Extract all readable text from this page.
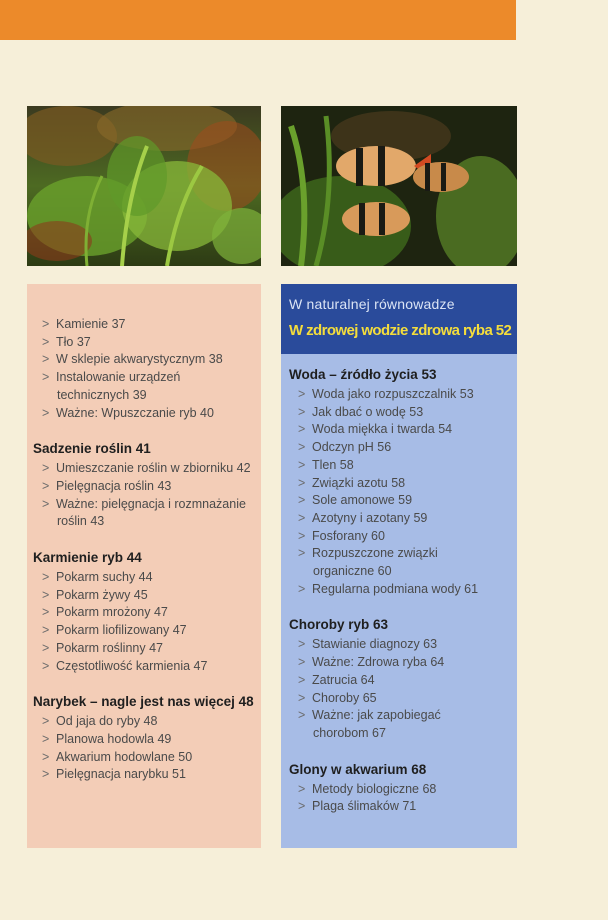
> Kamienie 37
> Tło 37
> W sklepie akwarystycznym 38
> Instalowanie urządzeń
technicznych 39
> Ważne: Wpuszczanie ryb 40
Sadzenie roślin 41
> Umieszczanie roślin w zbiorniku 42
> Pielęgnacja roślin 43
> Ważne: pielęgnacja i rozmnażanie
roślin 43
Karmienie ryb 44
> Pokarm suchy 44
> Pokarm żywy 45
> Pokarm mrożony 47
> Pokarm liofilizowany 47
> Pokarm roślinny 47
> Częstotliwość karmienia 47
Narybek – nagle jest nas więcej 48
> Od jaja do ryby 48
> Planowa hodowla 49
> Akwarium hodowlane 50
> Pielęgnacja narybku 51
W naturalnej równowadze
W zdrowej wodzie zdrowa ryba 52
Woda – źródło życia 53
> Woda jako rozpuszczalnik 53
> Jak dbać o wodę 53
> Woda miękka i twarda 54
> Odczyn pH 56
> Tlen 58
> Związki azotu 58
> Sole amonowe 59
> Azotyny i azotany 59
> Fosforany 60
> Rozpuszczone związki
organiczne 60
> Regularna podmiana wody 61
Choroby ryb 63
> Stawianie diagnozy 63
> Ważne: Zdrowa ryba 64
> Zatrucia 64
> Choroby 65
> Ważne: jak zapobiegać
chorobom 67
Glony w akwarium 68
> Metody biologiczne 68
> Plaga ślimaków 71
